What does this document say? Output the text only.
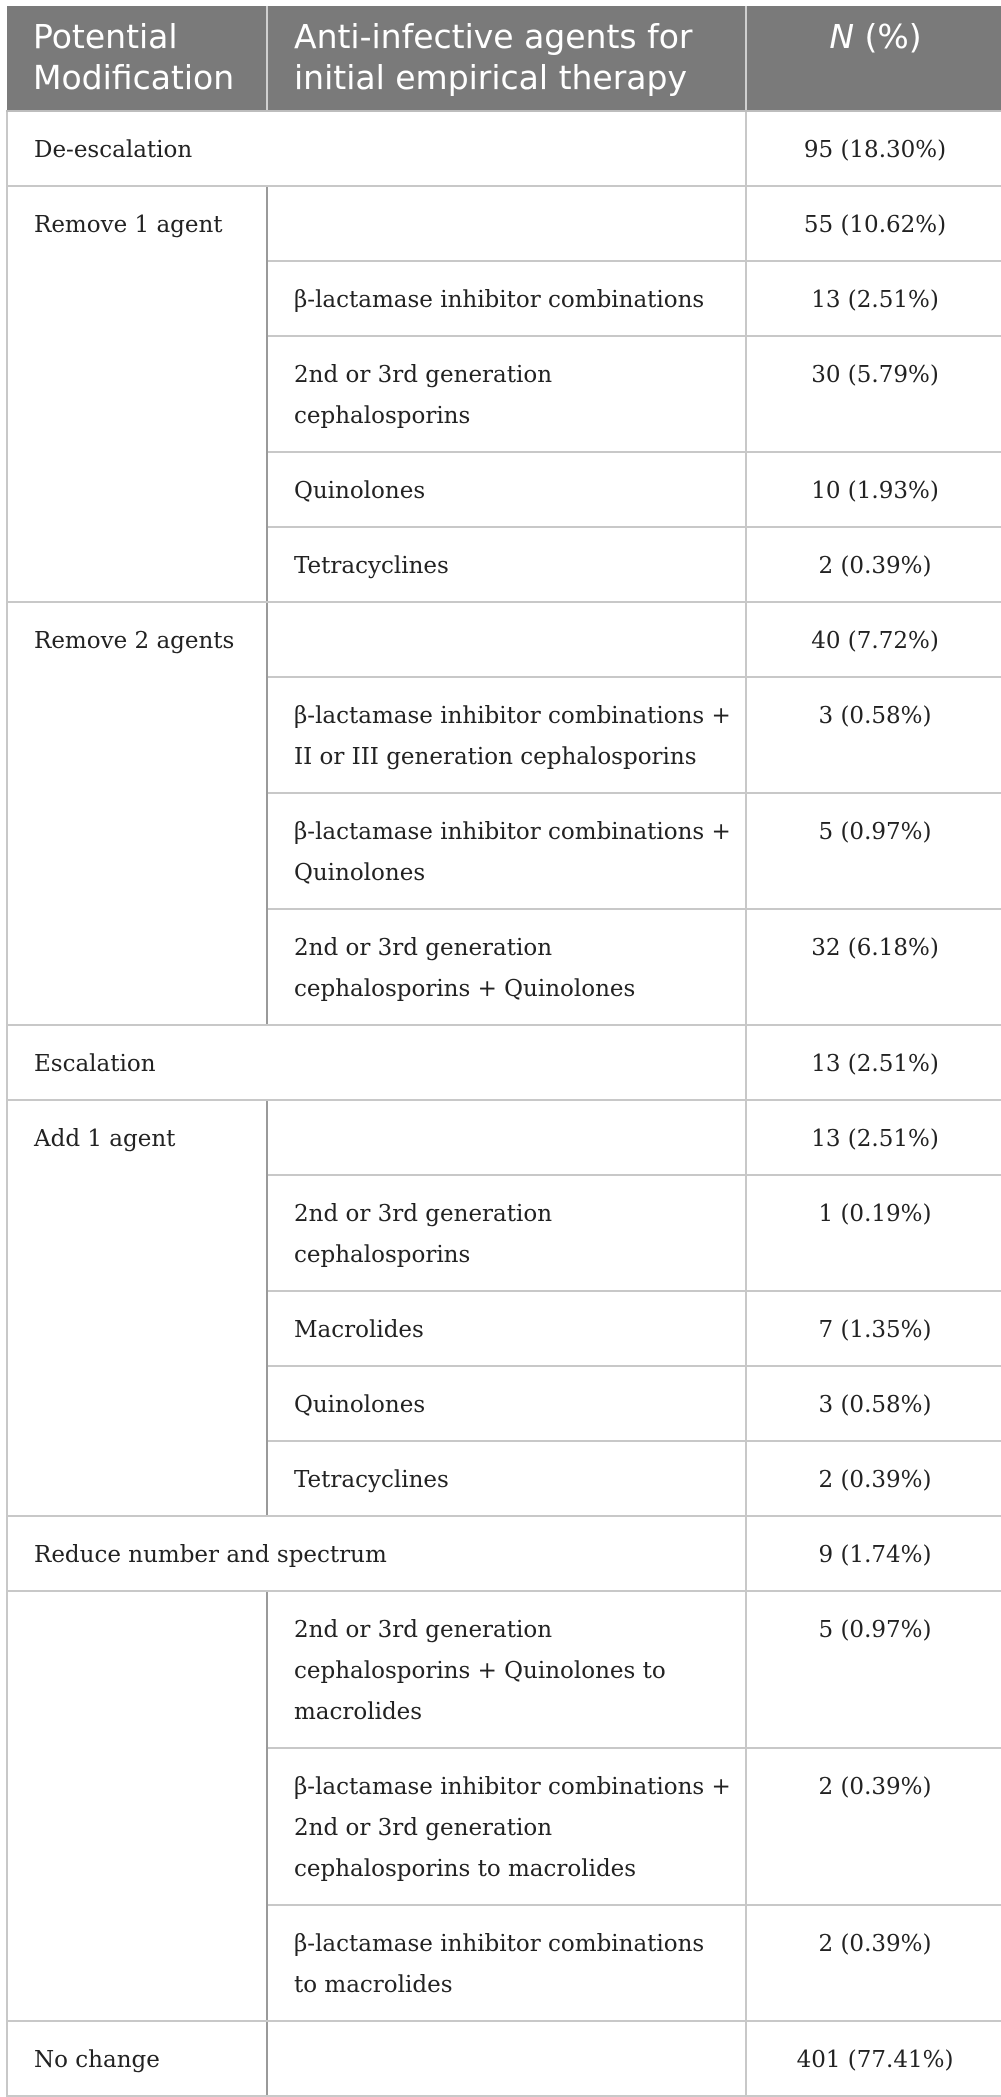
Potential Modification	Anti-infective agents for initial empirical therapy	N (%)
De-escalation		95 (18.30%)
Remove 1 agent		55 (10.62%)
	β-lactamase inhibitor combinations	13 (2.51%)
	2nd or 3rd generation cephalosporins	30 (5.79%)
	Quinolones	10 (1.93%)
	Tetracyclines	2 (0.39%)
Remove 2 agents		40 (7.72%)
	β-lactamase inhibitor combinations + II or III generation cephalosporins	3 (0.58%)
	β-lactamase inhibitor combinations + Quinolones	5 (0.97%)
	2nd or 3rd generation cephalosporins + Quinolones	32 (6.18%)
Escalation		13 (2.51%)
Add 1 agent		13 (2.51%)
	2nd or 3rd generation cephalosporins	1 (0.19%)
	Macrolides	7 (1.35%)
	Quinolones	3 (0.58%)
	Tetracyclines	2 (0.39%)
Reduce number and spectrum		9 (1.74%)
	2nd or 3rd generation cephalosporins + Quinolones to macrolides	5 (0.97%)
	β-lactamase inhibitor combinations + 2nd or 3rd generation cephalosporins to macrolides	2 (0.39%)
	β-lactamase inhibitor combinations to macrolides	2 (0.39%)
No change		401 (77.41%)
